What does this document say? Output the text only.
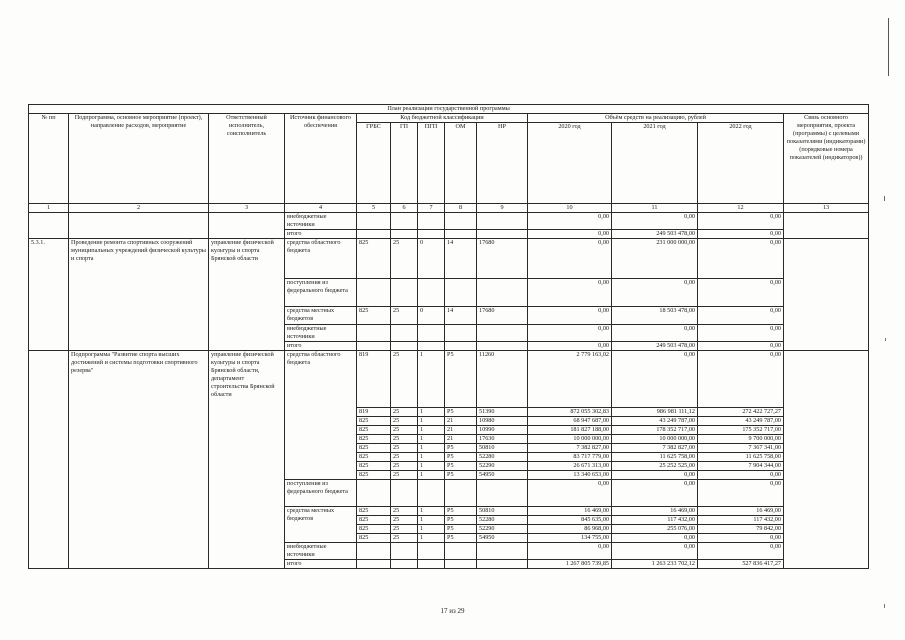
План реализации государственной программы												
№ пп	Подпрограмма, основное мероприятие (проект), направление расходов, мероприятие	Ответственный исполнитель, соисполнитель	Источник финансового обеспечения	Код бюджетной классификации					Объём средств на реализацию, рублей			Связь основного мероприятия, проекта (программы) с целевыми показателями (индикаторами) (порядковые номера показателей (индикаторов))
				ГРБС	ГП	ПГП	ОМ	НР	2020 год	2021 год	2022 год	
1	2	3	4	5	6	7	8	9	10	11	12	13
			внебюджетные источники						0,00	0,00	0,00	
			итого						0,00	249 503 478,00	0,00	
5.3.1.	Проведение ремонта спортивных сооружений муниципальных учреждений физической культуры и спорта	управление физической культуры и спорта Брянской области	средства областного бюджета	825	25	0	14	17680	0,00	231 000 000,00	0,00	
			поступления из федерального бюджета						0,00	0,00	0,00	
			средства местных бюджетов	825	25	0	14	17680	0,00	18 503 478,00	0,00	
			внебюджетные источники						0,00	0,00	0,00	
			итого						0,00	249 503 478,00	0,00	
	Подпрограмма "Развитие спорта высших достижений и системы подготовки спортивного резерва"	управление физической культуры и спорта Брянской области, департамент строительства Брянской области	средства областного бюджета	819	25	1	P5	11260	2 779 163,02	0,00	0,00	
				819	25	1	P5	51390	872 055 302,83	986 981 111,12	272 422 727,27	
				825	25	1	21	10980	68 947 687,00	43 249 787,00	43 249 787,00	
				825	25	1	21	10990	181 827 188,00	178 352 717,00	175 352 717,00	
				825	25	1	21	17630	10 000 000,00	10 000 000,00	9 700 000,00	
				825	25	1	P5	50810	7 382 827,00	7 382 827,00	7 367 341,00	
				825	25	1	P5	52280	83 717 779,00	11 625 758,00	11 625 758,00	
				825	25	1	P5	52290	26 671 313,00	25 252 525,00	7 904 344,00	
				825	25	1	P5	54950	13 340 653,00	0,00	0,00	
			поступления из федерального бюджета						0,00	0,00	0,00	
			средства местных бюджетов	825	25	1	P5	50810	16 469,00	16 469,00	16 469,00	
				825	25	1	P5	52280	845 635,00	117 432,00	117 432,00	
				825	25	1	P5	52290	86 968,00	255 076,00	79 842,00	
				825	25	1	P5	54950	134 755,00	0,00	0,00	
			внебюджетные источники						0,00	0,00	0,00	
			итого						1 267 805 739,85	1 263 233 702,12	527 836 417,27	
17 из 29
